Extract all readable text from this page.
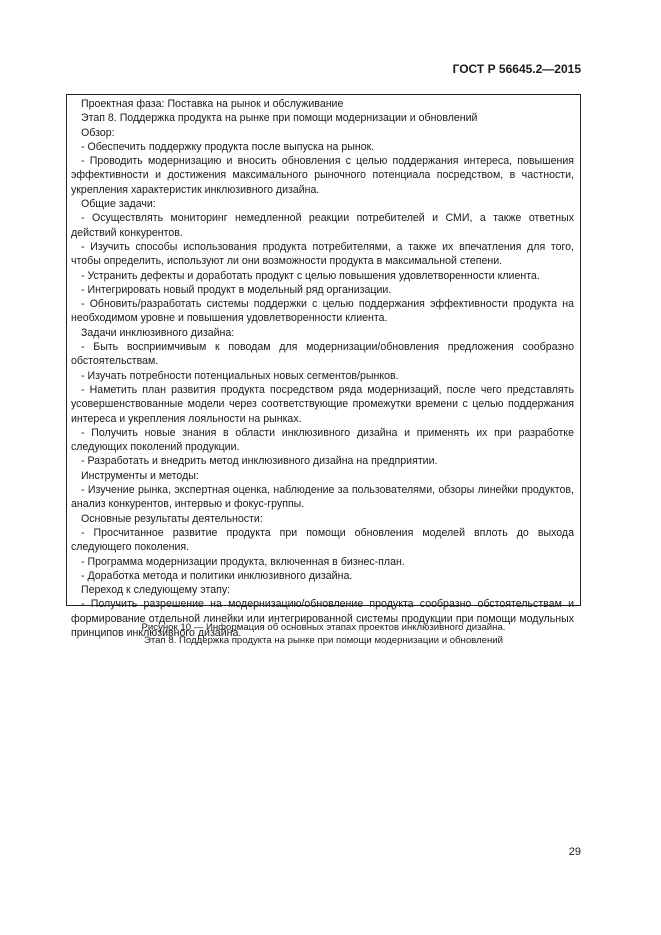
ГОСТ Р 56645.2—2015

Проектная фаза: Поставка на рынок и обслуживание

Этап 8. Поддержка продукта на рынке при помощи модернизации и обновлений

Обзор:

- Обеспечить поддержку продукта после выпуска на рынок.

- Проводить модернизацию и вносить обновления с целью поддержания интереса, повышения эффективности и достижения максимального рыночного потенциала посредством, в частности, укрепления характеристик инклюзивного дизайна.

Общие задачи:

- Осуществлять мониторинг немедленной реакции потребителей и СМИ, а также ответных действий конкурентов.

- Изучить способы использования продукта потребителями, а также их впечатления для того, чтобы определить, используют ли они возможности продукта в максимальной степени.

- Устранить дефекты и доработать продукт с целью повышения удовлетворенности клиента.

- Интегрировать новый продукт в модельный ряд организации.

- Обновить/разработать системы поддержки с целью поддержания эффективности продукта на необходимом уровне и повышения удовлетворенности клиента.

Задачи инклюзивного дизайна:

- Быть восприимчивым к поводам для модернизации/обновления предложения сообразно обстоятельствам.

- Изучать потребности потенциальных новых сегментов/рынков.

- Наметить план развития продукта посредством ряда модернизаций, после чего представлять усовершенствованные модели через соответствующие промежутки времени с целью поддержания интереса и укрепления лояльности на рынках.

- Получить новые знания в области инклюзивного дизайна и применять их при разработке следующих поколений продукции.

- Разработать и внедрить метод инклюзивного дизайна на предприятии.

Инструменты и методы:

- Изучение рынка, экспертная оценка, наблюдение за пользователями, обзоры линейки продуктов, анализ конкурентов, интервью и фокус-группы.

Основные результаты деятельности:

- Просчитанное развитие продукта при помощи обновления моделей вплоть до выхода следующего поколения.

- Программа модернизации продукта, включенная в бизнес-план.

- Доработка метода и политики инклюзивного дизайна.

Переход к следующему этапу:

- Получить разрешение на модернизацию/обновление продукта сообразно обстоятельствам и формирование отдельной линейки или интегрированной системы продукции при помощи модульных принципов инклюзивного дизайна.

Рисунок 10 — Информация об основных этапах проектов инклюзивного дизайна.
Этап 8. Поддержка продукта на рынке при помощи модернизации и обновлений
29
